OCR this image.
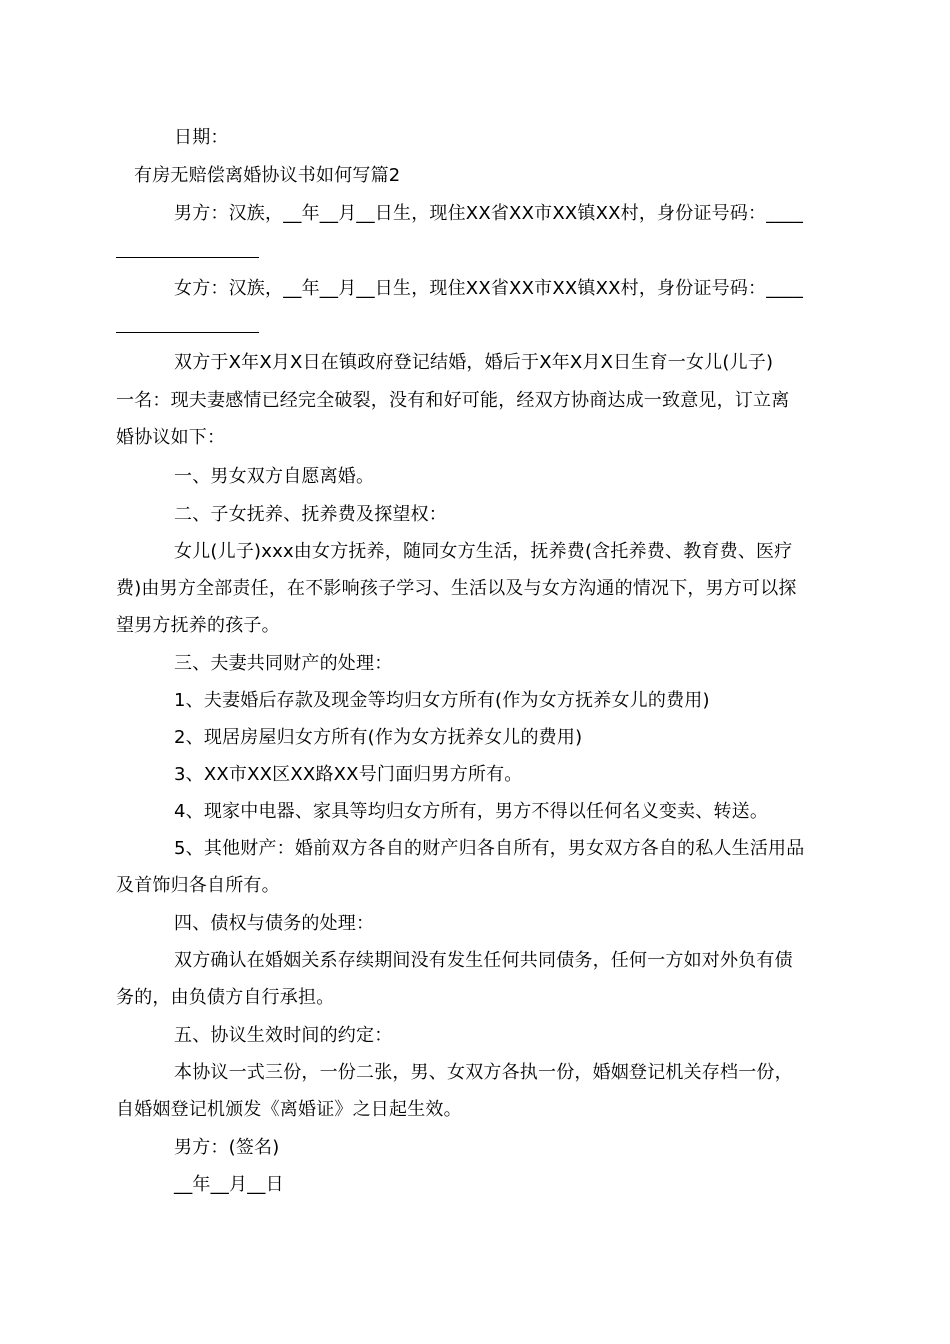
日期：
有房无赔偿离婚协议书如何写篇2
男方：汉族，__年__月__日生，现住XX省XX市XX镇XX村，身份证号码：____
女方：汉族，__年__月__日生，现住XX省XX市XX镇XX村，身份证号码：____
双方于X年X月X日在镇政府登记结婚，婚后于X年X月X日生育一女儿(儿子)
一名：现夫妻感情已经完全破裂，没有和好可能，经双方协商达成一致意见，订立离
婚协议如下：
一、男女双方自愿离婚。
二、子女抚养、抚养费及探望权：
女儿(儿子)xxx由女方抚养，随同女方生活，抚养费(含托养费、教育费、医疗
费)由男方全部责任，在不影响孩子学习、生活以及与女方沟通的情况下，男方可以探
望男方抚养的孩子。
三、夫妻共同财产的处理：
1、夫妻婚后存款及现金等均归女方所有(作为女方抚养女儿的费用)
2、现居房屋归女方所有(作为女方抚养女儿的费用)
3、XX市XX区XX路XX号门面归男方所有。
4、现家中电器、家具等均归女方所有，男方不得以任何名义变卖、转送。
5、其他财产：婚前双方各自的财产归各自所有，男女双方各自的私人生活用品
及首饰归各自所有。
四、债权与债务的处理：
双方确认在婚姻关系存续期间没有发生任何共同债务，任何一方如对外负有债
务的，由负债方自行承担。
五、协议生效时间的约定：
本协议一式三份，一份二张，男、女双方各执一份，婚姻登记机关存档一份，
自婚姻登记机颁发《离婚证》之日起生效。
男方：(签名)
__年__月__日
